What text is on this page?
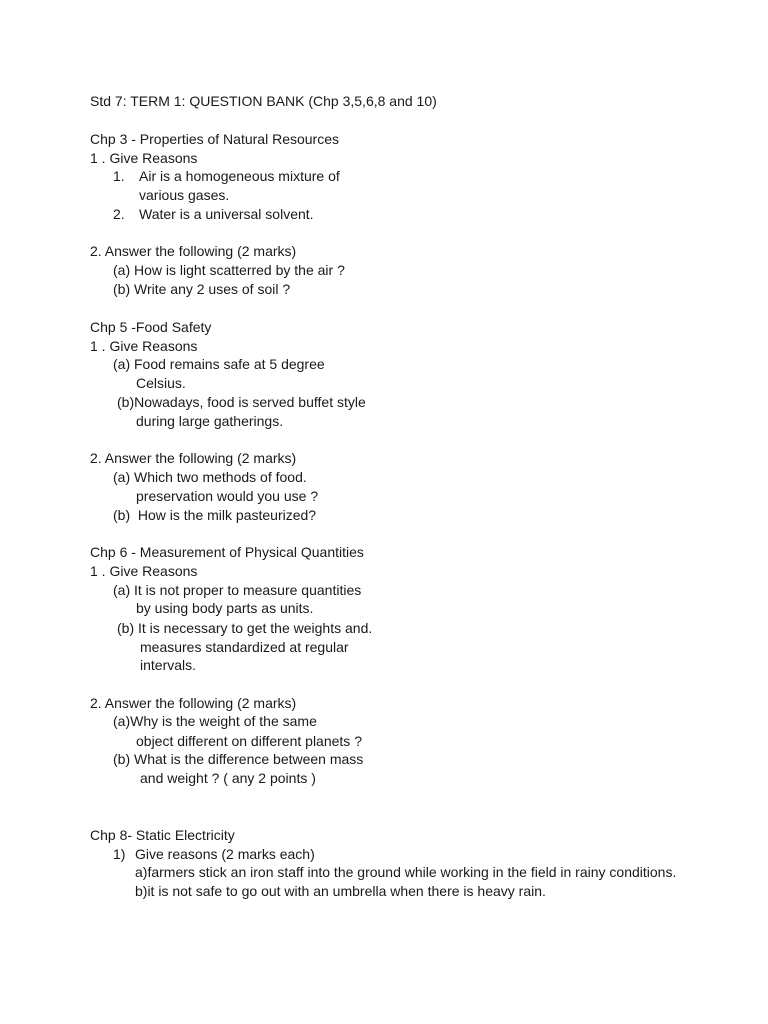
Std 7: TERM 1: QUESTION BANK (Chp 3,5,6,8 and 10)
Chp 3 - Properties of Natural Resources
1 . Give Reasons
1. Air is a homogeneous mixture of
various gases.
2. Water is a universal solvent.
2. Answer the following (2 marks)
(a) How is light scatterred by the air ?
(b) Write any 2 uses of soil ?
Chp 5 -Food Safety
1 . Give Reasons
(a) Food remains safe at 5 degree
Celsius.
(b)Nowadays, food is served buffet style
during large gatherings.
2. Answer the following (2 marks)
(a) Which two methods of food.
preservation would you use ?
(b)  How is the milk pasteurized?
Chp 6 - Measurement of Physical Quantities
1 . Give Reasons
(a) It is not proper to measure quantities
by using body parts as units.
(b) It is necessary to get the weights and.
measures standardized at regular
intervals.
2. Answer the following (2 marks)
(a)Why is the weight of the same
object different on different planets ?
(b) What is the difference between mass
and weight ? ( any 2 points )
Chp 8- Static Electricity
1) Give reasons (2 marks each)
a)farmers stick an iron staff into the ground while working in the field in rainy conditions.
b)it is not safe to go out with an umbrella when there is heavy rain.
